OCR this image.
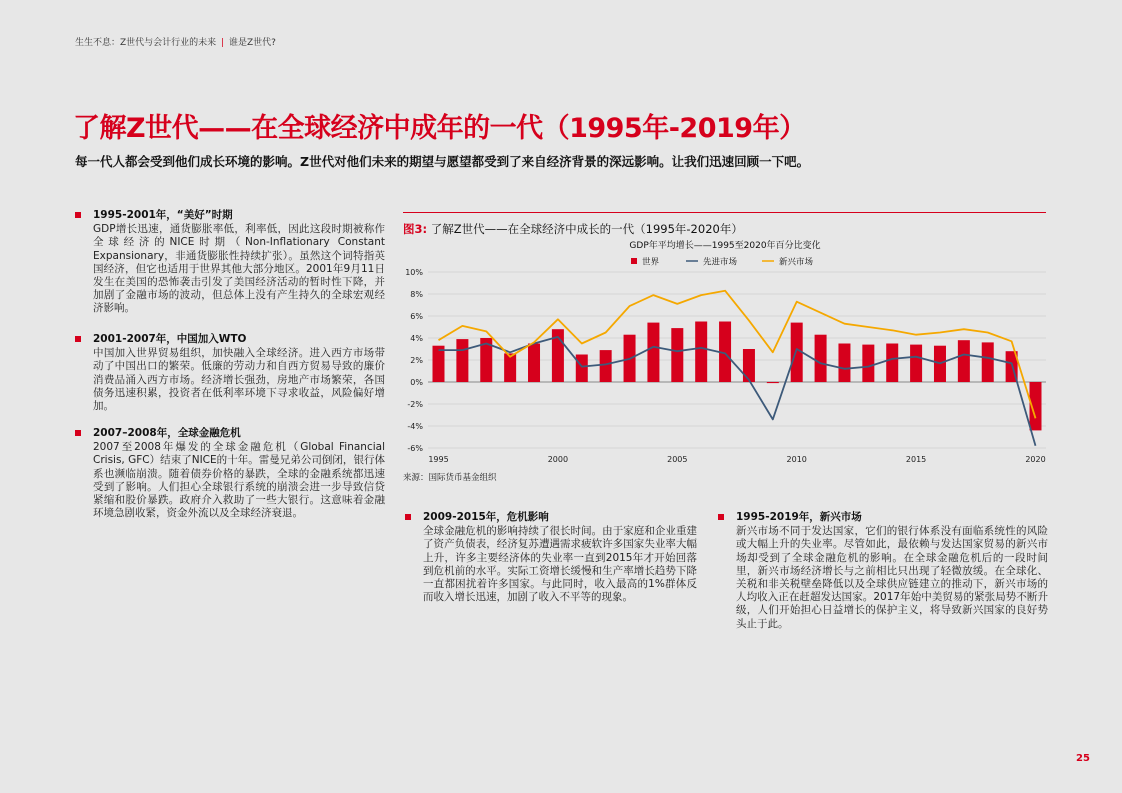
生生不息：Z世代与会计行业的未来 | 谁是Z世代?
了解Z世代——在全球经济中成年的一代（1995年-2019年）
每一代人都会受到他们成长环境的影响。Z世代对他们未来的期望与愿望都受到了来自经济背景的深远影响。让我们迅速回顾一下吧。
1995-2001年，“美好”时期
GDP增长迅速，通货膨胀率低，利率低，因此这段时期被称作全球经济的NICE时期（Non-Inflationary Constant Expansionary，非通货膨胀性持续扩张）。虽然这个词特指英国经济，但它也适用于世界其他大部分地区。2001年9月11日发生在美国的恐怖袭击引发了美国经济活动的暂时性下降，并加剧了金融市场的波动，但总体上没有产生持久的全球宏观经济影响。
2001-2007年，中国加入WTO
中国加入世界贸易组织，加快融入全球经济。进入西方市场带动了中国出口的繁荣。低廉的劳动力和自西方贸易导致的廉价消费品涌入西方市场。经济增长强劲，房地产市场繁荣，各国债务迅速积累，投资者在低利率环境下寻求收益，风险偏好增加。
2007–2008年，全球金融危机
2007至2008年爆发的全球金融危机（Global Financial Crisis, GFC）结束了NICE的十年。雷曼兄弟公司倒闭，银行体系也濒临崩溃。随着债券价格的暴跌，全球的金融系统都迅速受到了影响。人们担心全球银行系统的崩溃会进一步导致信贷紧缩和股价暴跌。政府介入救助了一些大银行。这意味着金融环境急剧收紧，资金外流以及全球经济衰退。	2009-2015年，危机影响
全球金融危机的影响持续了很长时间。由于家庭和企业重建了资产负债表，经济复苏遭遇需求疲软许多国家失业率大幅上升，许多主要经济体的失业率一直到2015年才开始回落到危机前的水平。实际工资增长缓慢和生产率增长趋势下降一直都困扰着许多国家。与此同时，收入最高的1%群体反而收入增长迅速，加剧了收入不平等的现象。
1995-2019年，新兴市场
新兴市场不同于发达国家，它们的银行体系没有面临系统性的风险或大幅上升的失业率。尽管如此，最依赖与发达国家贸易的新兴市场却受到了全球金融危机的影响。在全球金融危机后的一段时间里，新兴市场经济增长与之前相比只出现了轻微放缓。在全球化、关税和非关税壁垒降低以及全球供应链建立的推动下，新兴市场的人均收入正在赶超发达国家。2017年始中美贸易的紧张局势不断升级，人们开始担心日益增长的保护主义，将导致新兴国家的良好势头止于此。
图3: 了解Z世代——在全球经济中成长的一代（1995年-2020年）
GDP年平均增长——1995至2020年百分比变化
世界	先进市场	新兴市场
10%
8%
6%
4%
2%
0%
-2%
-4%
-6%
1995	2000	2005	2010	2015	2020
来源：国际货币基金组织
25
